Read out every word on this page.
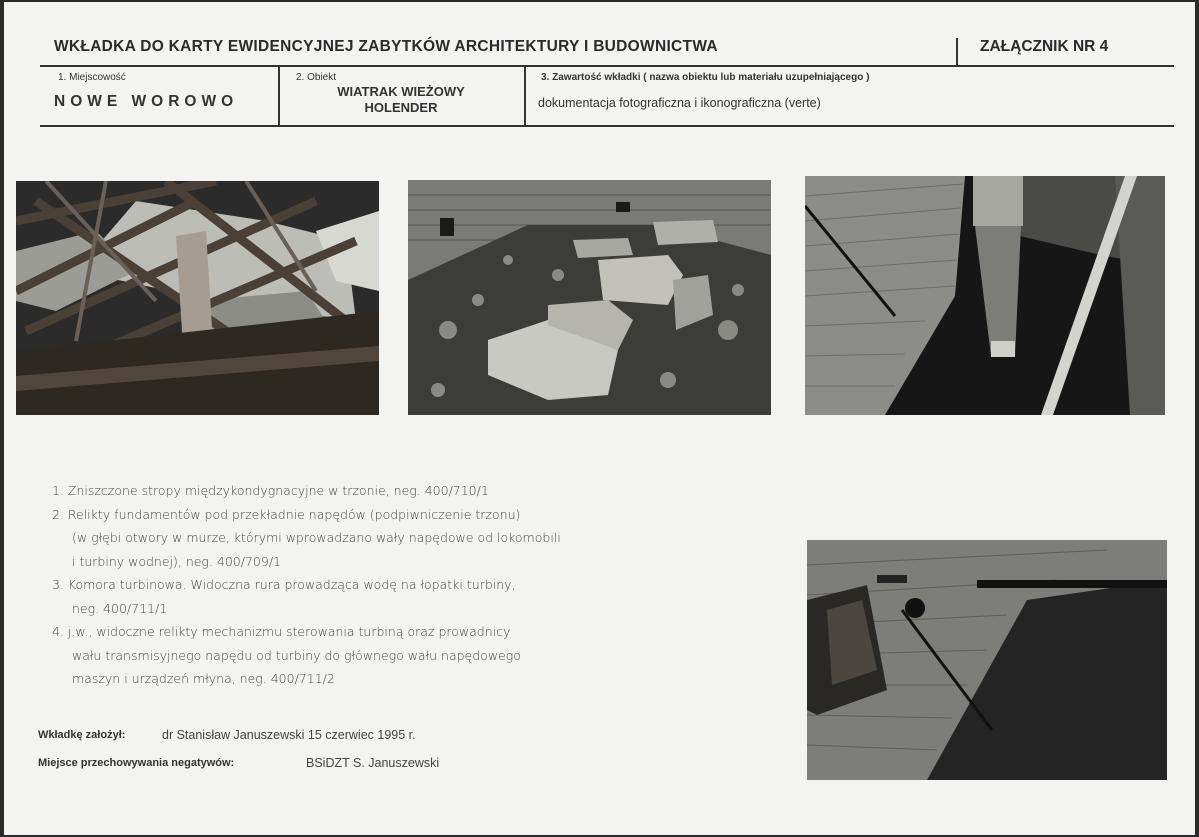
WKŁADKA DO KARTY EWIDENCYJNEJ ZABYTKÓW ARCHITEKTURY I BUDOWNICTWA	ZAŁĄCZNIK NR 4
1. Miejscowość
NOWE WOROWO
2. Obiekt
WIATRAK WIEŻOWY
HOLENDER
3. Zawartość wkładki ( nazwa obiektu lub materiału uzupełniającego )
dokumentacja fotograficzna i ikonograficzna (verte)
1. Zniszczone stropy międzykondygnacyjne w trzonie, neg. 400/710/1
2. Relikty fundamentów pod przekładnie napędów (podpiwniczenie trzonu)
(w głębi otwory w murze, którymi wprowadzano wały napędowe od lokomobili
i turbiny wodnej), neg. 400/709/1
3. Komora turbinowa. Widoczna rura prowadząca wodę na łopatki turbiny,
neg. 400/711/1
4. j.w., widoczne relikty mechanizmu sterowania turbiną oraz prowadnicy
wału transmisyjnego napędu od turbiny do głównego wału napędowego
maszyn i urządzeń młyna, neg. 400/711/2
Wkładkę założył:	dr Stanisław Januszewski 15 czerwiec 1995 r.
Miejsce przechowywania negatywów:	BSiDZT S. Januszewski
